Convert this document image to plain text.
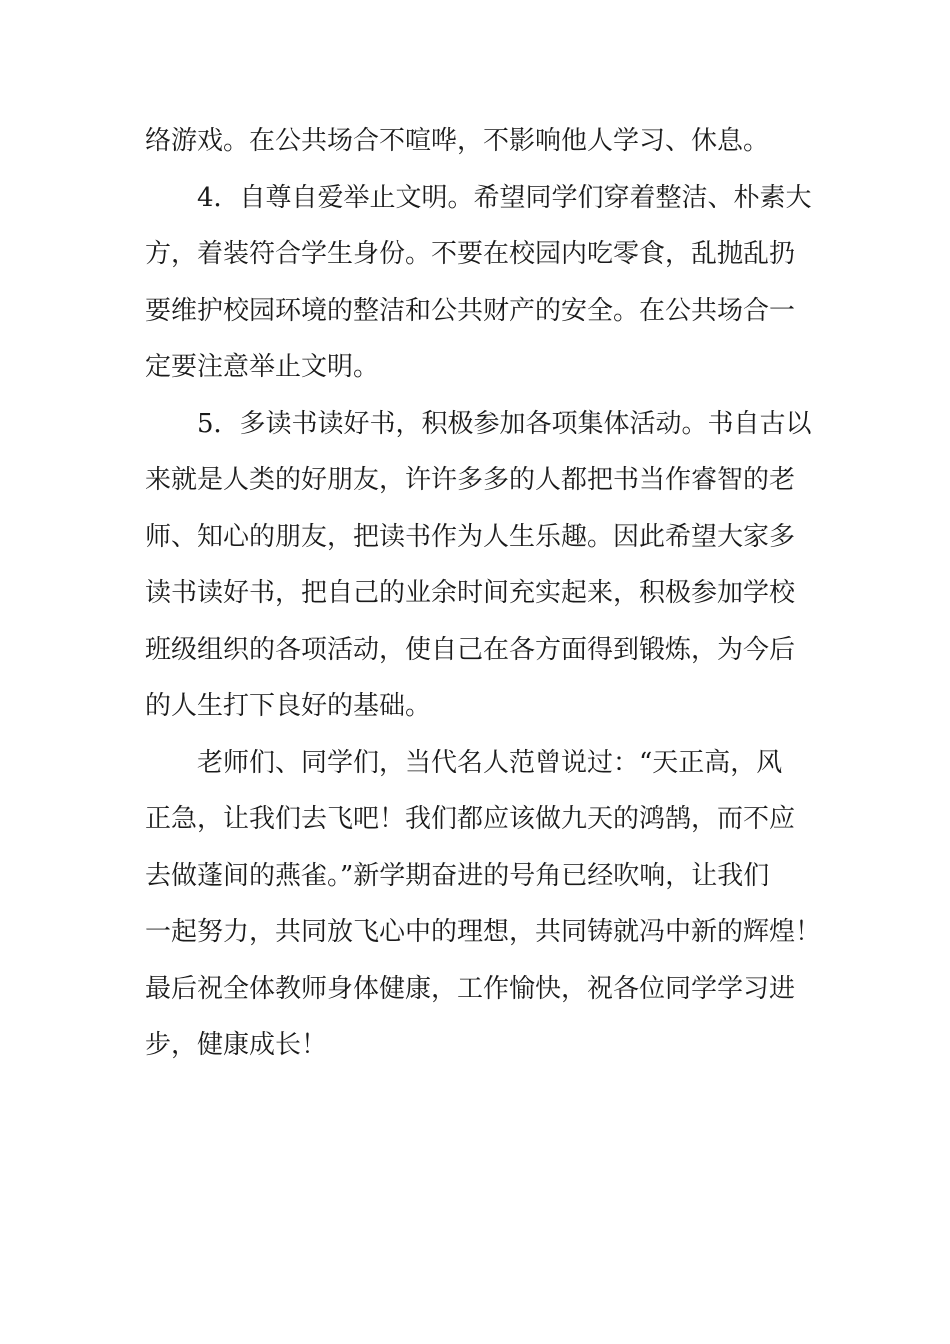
络游戏。在公共场合不喧哗，不影响他人学习、休息。
4．自尊自爱举止文明。希望同学们穿着整洁、朴素大
方，着装符合学生身份。不要在校园内吃零食，乱抛乱扔
要维护校园环境的整洁和公共财产的安全。在公共场合一
定要注意举止文明。
5．多读书读好书，积极参加各项集体活动。书自古以
来就是人类的好朋友，许许多多的人都把书当作睿智的老
师、知心的朋友，把读书作为人生乐趣。因此希望大家多
读书读好书，把自己的业余时间充实起来，积极参加学校
班级组织的各项活动，使自己在各方面得到锻炼，为今后
的人生打下良好的基础。
老师们、同学们，当代名人范曾说过：“天正高，风
正急，让我们去飞吧！我们都应该做九天的鸿鹄，而不应
去做蓬间的燕雀。”新学期奋进的号角已经吹响，让我们
一起努力，共同放飞心中的理想，共同铸就冯中新的辉煌！
最后祝全体教师身体健康，工作愉快，祝各位同学学习进
步，健康成长！
